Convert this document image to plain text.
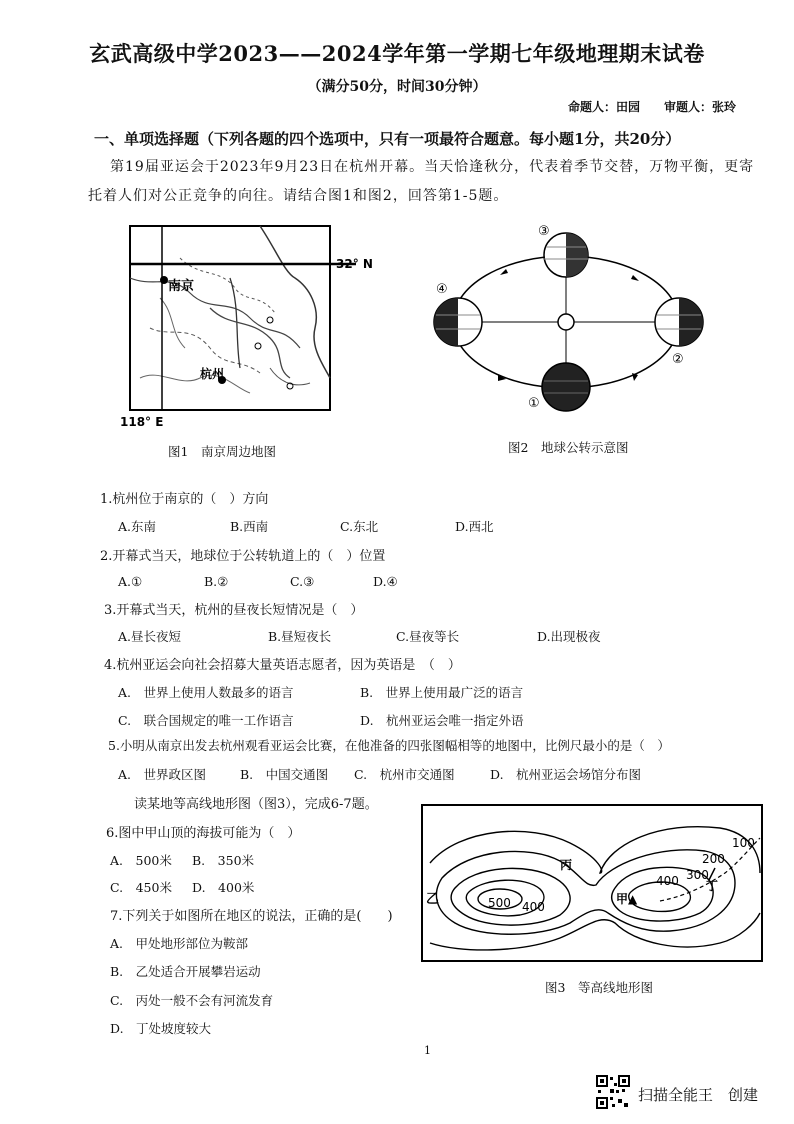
玄武高级中学2023——2024学年第一学期七年级地理期末试卷
（满分50分，时间30分钟）
命题人：田园　　审题人：张玲
一、单项选择题（下列各题的四个选项中，只有一项最符合题意。每小题1分，共20分）
第19届亚运会于2023年9月23日在杭州开幕。当天恰逢秋分，代表着季节交替，万物平衡，更寄
托着人们对公正竞争的向往。请结合图1和图2，回答第1-5题。
32° N
118° E
南京
杭州
图1　南京周边地图
③
①
④
②
图2　地球公转示意图
1.杭州位于南京的（　）方向
A.东南	B.西南	C.东北	D.西北
2.开幕式当天，地球位于公转轨道上的（　）位置
A.①	B.②	C.③	D.④
3.开幕式当天，杭州的昼夜长短情况是（　）
A.昼长夜短	B.昼短夜长	C.昼夜等长	D.出现极夜
4.杭州亚运会向社会招募大量英语志愿者，因为英语是　（　）
A.　世界上使用人数最多的语言	B.　世界上使用最广泛的语言
C.　联合国规定的唯一工作语言	D.　杭州亚运会唯一指定外语
5.小明从南京出发去杭州观看亚运会比赛，在他准备的四张图幅相等的地图中，比例尺最小的是（　）
A.　世界政区图	B.　中国交通图 C.　杭州市交通图	D.　杭州亚运会场馆分布图
读某地等高线地形图（图3），完成6-7题。
6.图中甲山顶的海拔可能为（　）
A.　500米 B.　350米
C.　450米 D.　400米
7.下列关于如图所在地区的说法，正确的是(　　)
A.　甲处地形部位为鞍部
B.　乙处适合开展攀岩运动
C.　丙处一般不会有河流发育
D.　丁处坡度较大
100
200
300
400
400
500	甲▲
乙
丙
丁
图3　等高线地形图
1
扫描全能王　创建
